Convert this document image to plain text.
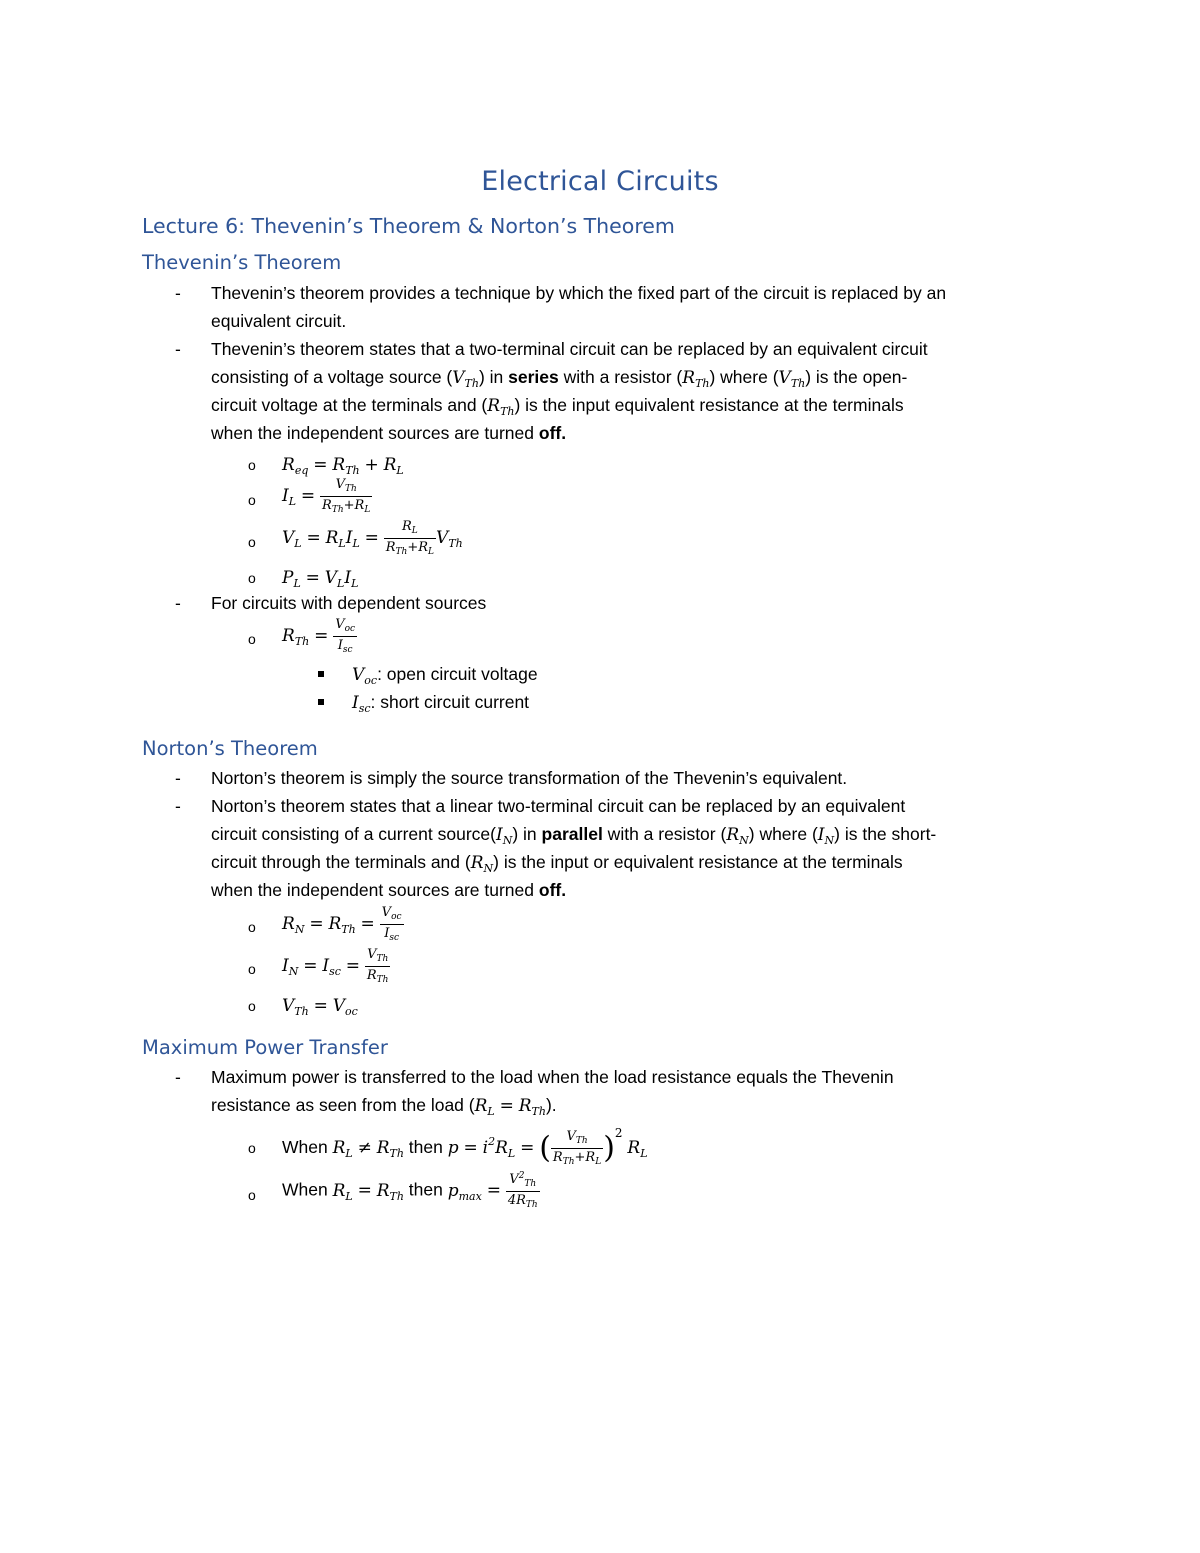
Electrical Circuits
Lecture 6: Thevenin’s Theorem & Norton’s Theorem
Thevenin’s Theorem
- Thevenin’s theorem provides a technique by which the fixed part of the circuit is replaced by an
equivalent circuit.
- Thevenin’s theorem states that a two-terminal circuit can be replaced by an equivalent circuit
consisting of a voltage source $(V_{Th})$ in series with a resistor $(R_{Th})$ where $(V_{Th})$ is the open-
circuit voltage at the terminals and $(R_{Th})$ is the input equivalent resistance at the terminals
when the independent sources are turned off.
o $R_{eq} = R_{Th} + R_L$
o $I_L = \frac{V_{Th}}{R_{Th}+R_L}$
o $V_L = R_LI_L = \frac{R_L}{R_{Th}+R_L} V_{Th}$
o $P_L = V_LI_L$
- For circuits with dependent sources
o $R_{Th} = \frac{V_{oc}}{I_{sc}}$
$V_{oc}$: open circuit voltage
$I_{sc}$: short circuit current
Norton’s Theorem
- Norton’s theorem is simply the source transformation of the Thevenin’s equivalent.
- Norton’s theorem states that a linear two-terminal circuit can be replaced by an equivalent
circuit consisting of a current $source(I_N)$ in parallel with a resistor $(R_N)$ where $(I_N)$ is the short-
circuit through the terminals and $(R_N)$ is the input or equivalent resistance at the terminals
when the independent sources are turned off.
o $R_N = R_{Th} = \frac{V_{oc}}{I_{sc}}$
o $I_N = I_{sc} = \frac{V_{Th}}{R_{Th}}$
o $V_{Th} = V_{oc}$
Maximum Power Transfer
- Maximum power is transferred to the load when the load resistance equals the Thevenin
resistance as seen from the load $(R_L = R_{Th})$.
o When $R_L \ne R_{Th}$ then $p = i^2R_L$ = ( $\frac{V_{Th}}{R_{Th}+R_L} )^2$ $R_L$
o When $R_L = R_{Th}$ then $p_{max} = \frac{V^2_{Th}}{4R_{Th}}$
